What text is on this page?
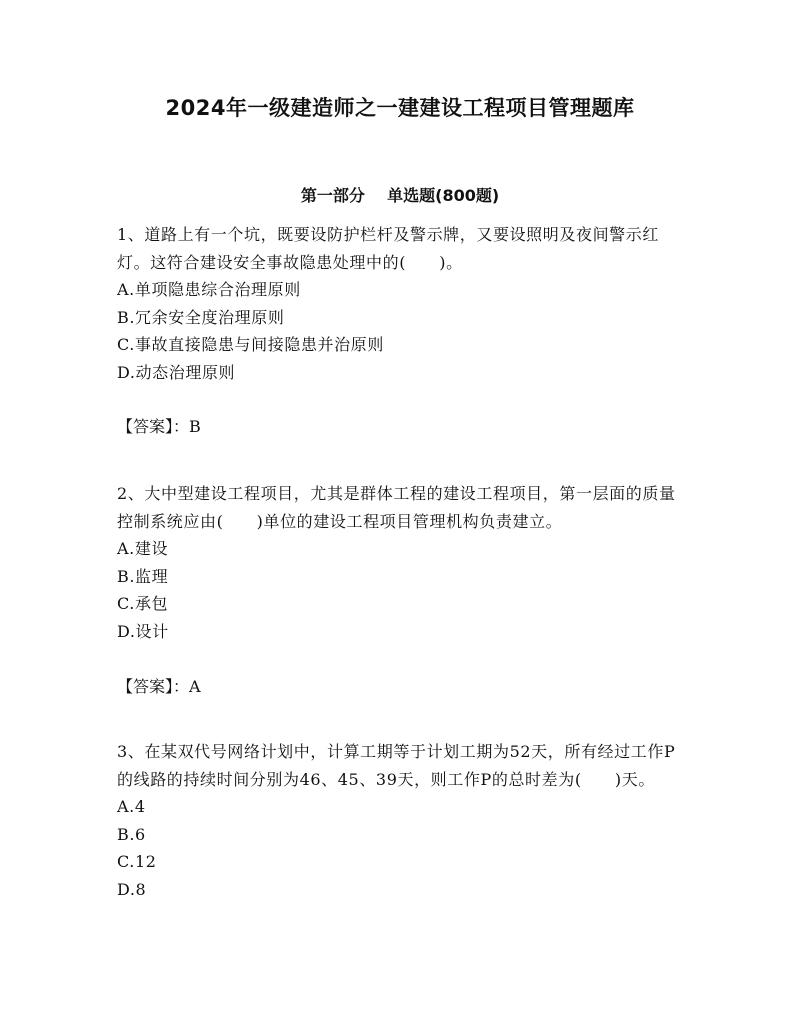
2024年一级建造师之一建建设工程项目管理题库
第一部分    单选题(800题)

1、道路上有一个坑，既要设防护栏杆及警示牌，又要设照明及夜间警示红灯。这符合建设安全事故隐患处理中的(　　)。

A.单项隐患综合治理原则

B.冗余安全度治理原则

C.事故直接隐患与间接隐患并治原则

D.动态治理原则

【答案】：B

2、大中型建设工程项目，尤其是群体工程的建设工程项目，第一层面的质量控制系统应由(　　)单位的建设工程项目管理机构负责建立。

A.建设

B.监理

C.承包

D.设计

【答案】：A

3、在某双代号网络计划中，计算工期等于计划工期为52天，所有经过工作P的线路的持续时间分别为46、45、39天，则工作P的总时差为(　　)天。

A.4

B.6

C.12

D.8
